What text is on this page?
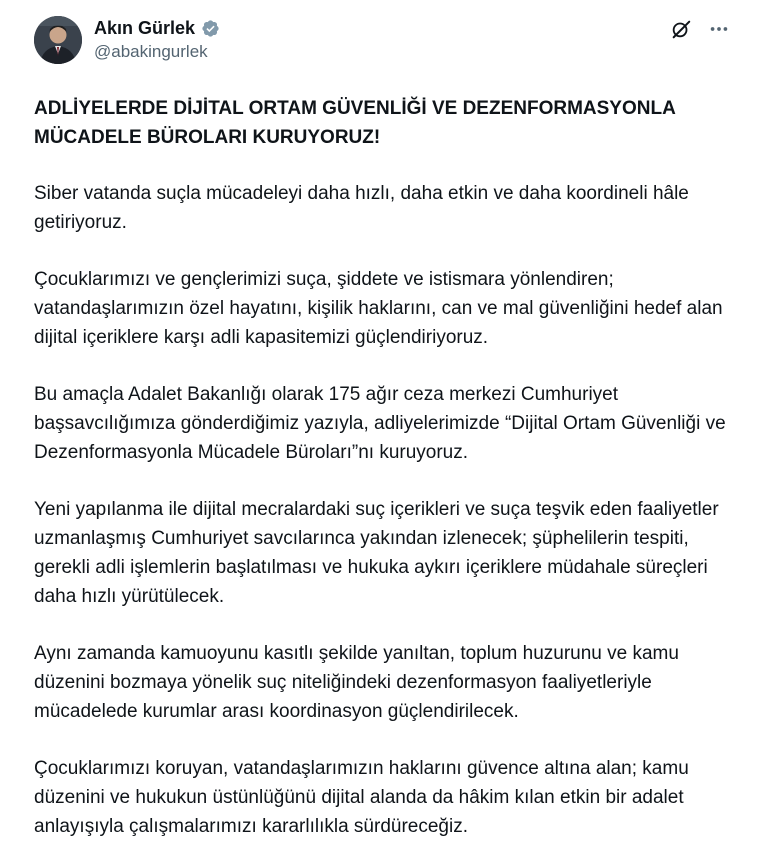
Akın Gürlek
@abakingurlek

ADLİYELERDE DİJİTAL ORTAM GÜVENLİĞİ VE DEZENFORMASYONLA MÜCADELE BÜROLARI KURUYORUZ!

Siber vatanda suçla mücadeleyi daha hızlı, daha etkin ve daha koordineli hâle getiriyoruz.

Çocuklarımızı ve gençlerimizi suça, şiddete ve istismara yönlendiren; vatandaşlarımızın özel hayatını, kişilik haklarını, can ve mal güvenliğini hedef alan dijital içeriklere karşı adli kapasitemizi güçlendiriyoruz.

Bu amaçla Adalet Bakanlığı olarak 175 ağır ceza merkezi Cumhuriyet başsavcılığımıza gönderdiğimiz yazıyla, adliyelerimizde “Dijital Ortam Güvenliği ve Dezenformasyonla Mücadele Büroları”nı kuruyoruz.

Yeni yapılanma ile dijital mecralardaki suç içerikleri ve suça teşvik eden faaliyetler uzmanlaşmış Cumhuriyet savcılarınca yakından izlenecek; şüphelilerin tespiti, gerekli adli işlemlerin başlatılması ve hukuka aykırı içeriklere müdahale süreçleri daha hızlı yürütülecek.

Aynı zamanda kamuoyunu kasıtlı şekilde yanıltan, toplum huzurunu ve kamu düzenini bozmaya yönelik suç niteliğindeki dezenformasyon faaliyetleriyle mücadelede kurumlar arası koordinasyon güçlendirilecek.

Çocuklarımızı koruyan, vatandaşlarımızın haklarını güvence altına alan; kamu düzenini ve hukukun üstünlüğünü dijital alanda da hâkim kılan etkin bir adalet anlayışıyla çalışmalarımızı kararlılıkla sürdüreceğiz.
